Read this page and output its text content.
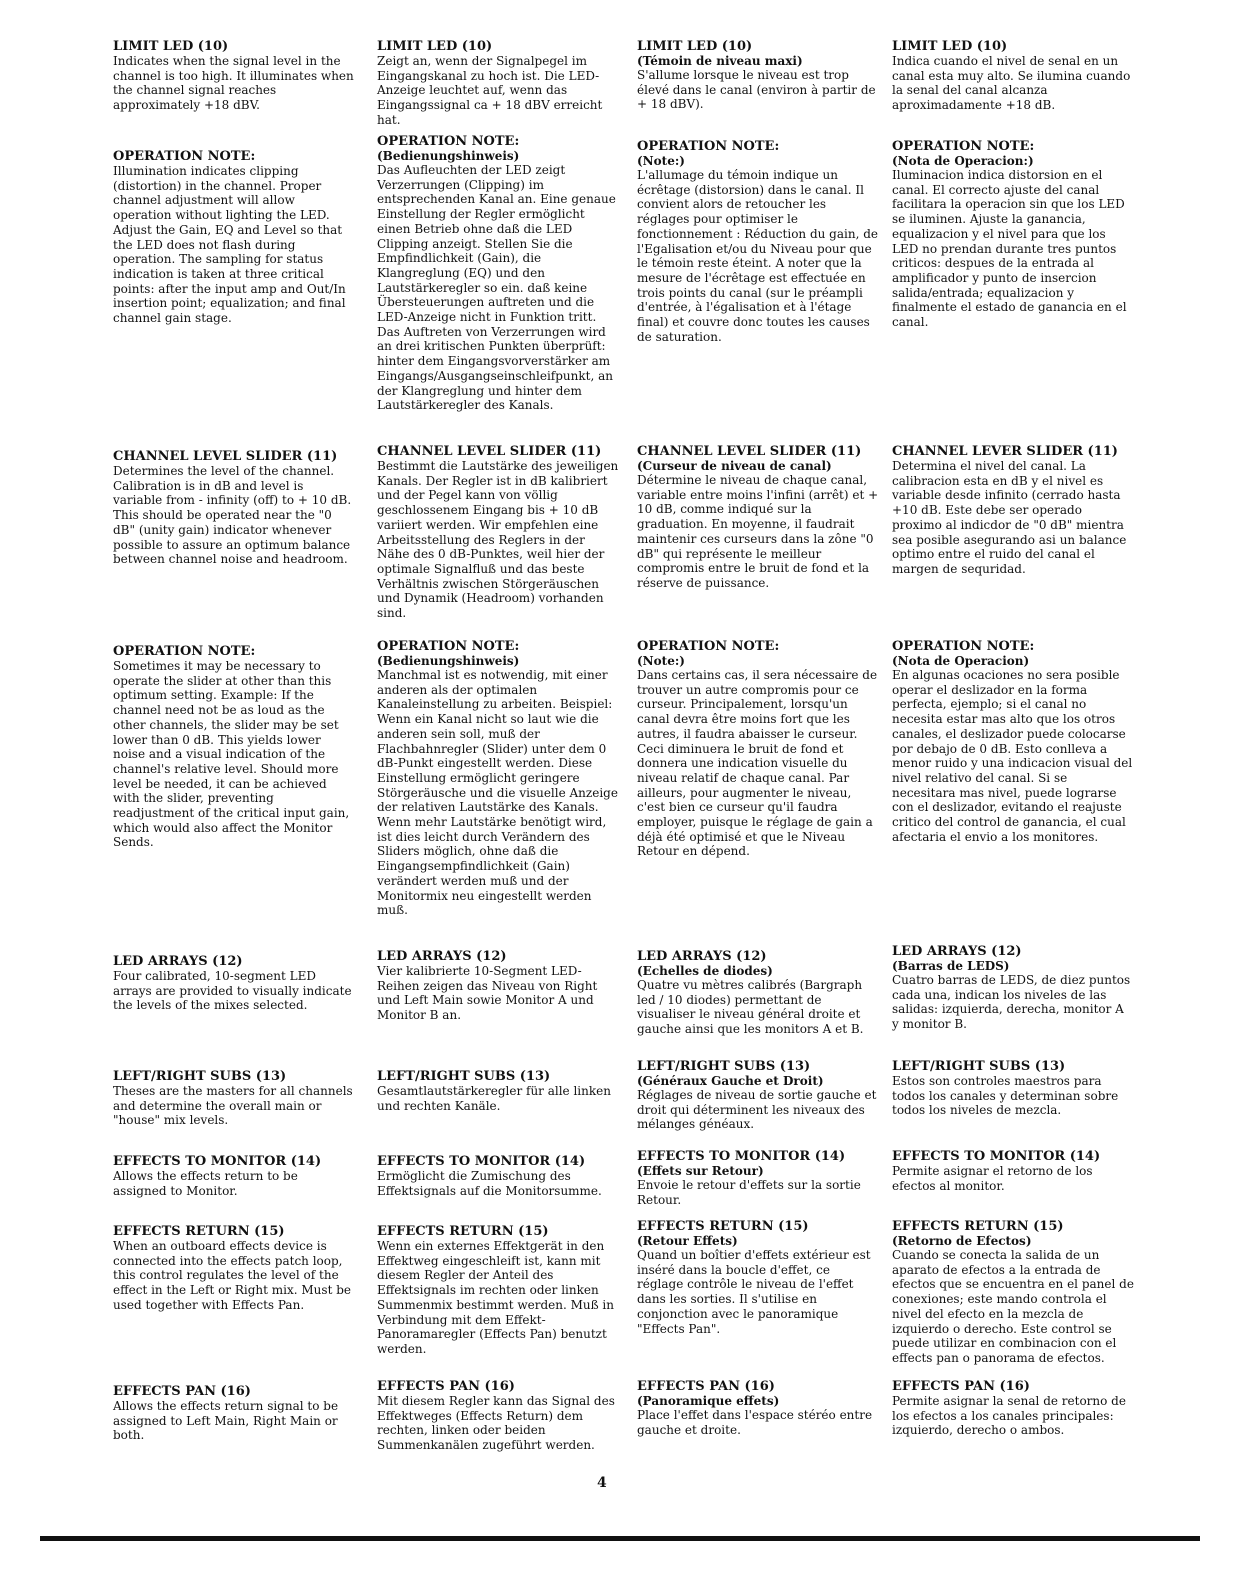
LIMIT LED (10)
Indicates when the signal level in the channel is too high. It illuminates when the channel signal reaches approximately +18 dBV.
OPERATION NOTE:
Illumination indicates clipping (distortion) in the channel. Proper channel adjustment will allow operation without lighting the LED. Adjust the Gain, EQ and Level so that the LED does not flash during operation. The sampling for status indication is taken at three critical points: after the input amp and Out/In insertion point; equalization; and final channel gain stage.
CHANNEL LEVEL SLIDER (11)
Determines the level of the channel. Calibration is in dB and level is variable from - infinity (off) to + 10 dB. This should be operated near the "0 dB" (unity gain) indicator whenever possible to assure an optimum balance between channel noise and headroom.
OPERATION NOTE:
Sometimes it may be necessary to operate the slider at other than this optimum setting. Example: If the channel need not be as loud as the other channels, the slider may be set lower than 0 dB. This yields lower noise and a visual indication of the channel's relative level. Should more level be needed, it can be achieved with the slider, preventing readjustment of the critical input gain, which would also affect the Monitor Sends.
LED ARRAYS (12)
Four calibrated, 10-segment LED arrays are provided to visually indicate the levels of the mixes selected.
LEFT/RIGHT SUBS (13)
Theses are the masters for all channels and determine the overall main or "house" mix levels.
EFFECTS TO MONITOR (14)
Allows the effects return to be assigned to Monitor.
EFFECTS RETURN (15)
When an outboard effects device is connected into the effects patch loop, this control regulates the level of the effect in the Left or Right mix. Must be used together with Effects Pan.
EFFECTS PAN (16)
Allows the effects return signal to be assigned to Left Main, Right Main or both.
LIMIT LED (10)
Zeigt an, wenn der Signalpegel im Eingangskanal zu hoch ist. Die LED-Anzeige leuchtet auf, wenn das Eingangssignal ca + 18 dBV erreicht hat.
OPERATION NOTE:
(Bedienungshinweis)
Das Aufleuchten der LED zeigt Verzerrungen (Clipping) im entsprechenden Kanal an. Eine genaue Einstellung der Regler ermöglicht einen Betrieb ohne daß die LED Clipping anzeigt. Stellen Sie die Empfindlichkeit (Gain), die Klangreglung (EQ) und den Lautstärkeregler so ein. daß keine Übersteuerungen auftreten und die LED-Anzeige nicht in Funktion tritt. Das Auftreten von Verzerrungen wird an drei kritischen Punkten überprüft: hinter dem Eingangsvorverstärker am Eingangs/Ausgangseinschleifpunkt, an der Klangreglung und hinter dem Lautstärkeregler des Kanals.
CHANNEL LEVEL SLIDER (11)
Bestimmt die Lautstärke des jeweiligen Kanals. Der Regler ist in dB kalibriert und der Pegel kann von völlig geschlossenem Eingang bis + 10 dB variiert werden. Wir empfehlen eine Arbeitsstellung des Reglers in der Nähe des 0 dB-Punktes, weil hier der optimale Signalfluß und das beste Verhältnis zwischen Störgeräuschen und Dynamik (Headroom) vorhanden sind.
OPERATION NOTE:
(Bedienungshinweis)
Manchmal ist es notwendig, mit einer anderen als der optimalen Kanaleinstellung zu arbeiten. Beispiel: Wenn ein Kanal nicht so laut wie die anderen sein soll, muß der Flachbahnregler (Slider) unter dem 0 dB-Punkt eingestellt werden. Diese Einstellung ermöglicht geringere Störgeräusche und die visuelle Anzeige der relativen Lautstärke des Kanals. Wenn mehr Lautstärke benötigt wird, ist dies leicht durch Verändern des Sliders möglich, ohne daß die Eingangsempfindlichkeit (Gain) verändert werden muß und der Monitormix neu eingestellt werden muß.
LED ARRAYS (12)
Vier kalibrierte 10-Segment LED-Reihen zeigen das Niveau von Right und Left Main sowie Monitor A und Monitor B an.
LEFT/RIGHT SUBS (13)
Gesamtlautstärkeregler für alle linken und rechten Kanäle.
EFFECTS TO MONITOR (14)
Ermöglicht die Zumischung des Effektsignals auf die Monitorsumme.
EFFECTS RETURN (15)
Wenn ein externes Effektgerät in den Effektweg eingeschleift ist, kann mit diesem Regler der Anteil des Effektsignals im rechten oder linken Summenmix bestimmt werden. Muß in Verbindung mit dem Effekt-Panoramaregler (Effects Pan) benutzt werden.
EFFECTS PAN (16)
Mit diesem Regler kann das Signal des Effektweges (Effects Return) dem rechten, linken oder beiden Summenkanälen zugeführt werden.
LIMIT LED (10)
(Témoin de niveau maxi)
S'allume lorsque le niveau est trop élevé dans le canal (environ à partir de + 18 dBV).
OPERATION NOTE:
(Note:)
L'allumage du témoin indique un écrêtage (distorsion) dans le canal. Il convient alors de retoucher les réglages pour optimiser le fonctionnement : Réduction du gain, de l'Egalisation et/ou du Niveau pour que le témoin reste éteint. A noter que la mesure de l'écrêtage est effectuée en trois points du canal (sur le préampli d'entrée, à l'égalisation et à l'étage final) et couvre donc toutes les causes de saturation.
CHANNEL LEVEL SLIDER (11)
(Curseur de niveau de canal)
Détermine le niveau de chaque canal, variable entre moins l'infini (arrêt) et + 10 dB, comme indiqué sur la graduation. En moyenne, il faudrait maintenir ces curseurs dans la zône "0 dB" qui représente le meilleur compromis entre le bruit de fond et la réserve de puissance.
OPERATION NOTE:
(Note:)
Dans certains cas, il sera nécessaire de trouver un autre compromis pour ce curseur. Principalement, lorsqu'un canal devra être moins fort que les autres, il faudra abaisser le curseur. Ceci diminuera le bruit de fond et donnera une indication visuelle du niveau relatif de chaque canal. Par ailleurs, pour augmenter le niveau, c'est bien ce curseur qu'il faudra employer, puisque le réglage de gain a déjà été optimisé et que le Niveau Retour en dépend.
LED ARRAYS (12)
(Echelles de diodes)
Quatre vu mètres calibrés (Bargraph led / 10 diodes) permettant de visualiser le niveau général droite et gauche ainsi que les monitors A et B.
LEFT/RIGHT SUBS (13)
(Généraux Gauche et Droit)
Réglages de niveau de sortie gauche et droit qui déterminent les niveaux des mélanges généaux.
EFFECTS TO MONITOR (14)
(Effets sur Retour)
Envoie le retour d'effets sur la sortie Retour.
EFFECTS RETURN (15)
(Retour Effets)
Quand un boîtier d'effets extérieur est inséré dans la boucle d'effet, ce réglage contrôle le niveau de l'effet dans les sorties. Il s'utilise en conjonction avec le panoramique "Effects Pan".
EFFECTS PAN (16)
(Panoramique effets)
Place l'effet dans l'espace stéréo entre gauche et droite.
LIMIT LED (10)
Indica cuando el nivel de senal en un canal esta muy alto. Se ilumina cuando la senal del canal alcanza aproximadamente +18 dB.
OPERATION NOTE:
(Nota de Operacion:)
Iluminacion indica distorsion en el canal. El correcto ajuste del canal facilitara la operacion sin que los LED se iluminen. Ajuste la ganancia, equalizacion y el nivel para que los LED no prendan durante tres puntos criticos: despues de la entrada al amplificador y punto de insercion salida/entrada; equalizacion y finalmente el estado de ganancia en el canal.
CHANNEL LEVER SLIDER (11)
Determina el nivel del canal. La calibracion esta en dB y el nivel es variable desde infinito (cerrado hasta +10 dB. Este debe ser operado proximo al indicdor de "0 dB" mientra sea posible asegurando asi un balance optimo entre el ruido del canal el margen de sequridad.
OPERATION NOTE:
(Nota de Operacion)
En algunas ocaciones no sera posible operar el deslizador en la forma perfecta, ejemplo; si el canal no necesita estar mas alto que los otros canales, el deslizador puede colocarse por debajo de 0 dB. Esto conlleva a menor ruido y una indicacion visual del nivel relativo del canal. Si se necesitara mas nivel, puede lograrse con el deslizador, evitando el reajuste critico del control de ganancia, el cual afectaria el envio a los monitores.
LED ARRAYS (12)
(Barras de LEDS)
Cuatro barras de LEDS, de diez puntos cada una, indican los niveles de las salidas: izquierda, derecha, monitor A y monitor B.
LEFT/RIGHT SUBS (13)
Estos son controles maestros para todos los canales y determinan sobre todos los niveles de mezcla.
EFFECTS TO MONITOR (14)
Permite asignar el retorno de los efectos al monitor.
EFFECTS RETURN (15)
(Retorno de Efectos)
Cuando se conecta la salida de un aparato de efectos a la entrada de efectos que se encuentra en el panel de conexiones; este mando controla el nivel del efecto en la mezcla de izquierdo o derecho. Este control se puede utilizar en combinacion con el effects pan o panorama de efectos.
EFFECTS PAN (16)
Permite asignar la senal de retorno de los efectos a los canales principales: izquierdo, derecho o ambos.
4
